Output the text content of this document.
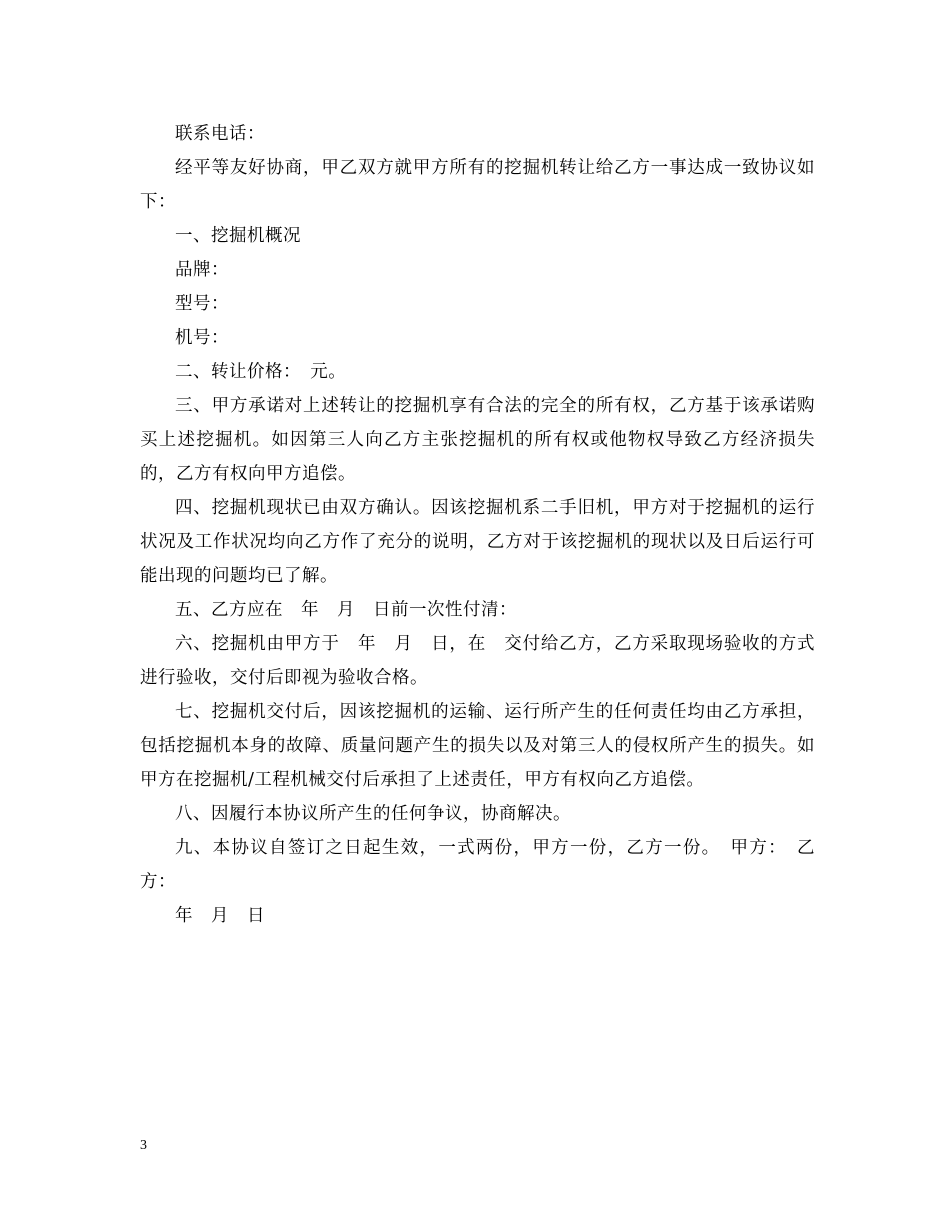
联系电话：

经平等友好协商，甲乙双方就甲方所有的挖掘机转让给乙方一事达成一致协议如下：

一、挖掘机概况

品牌：

型号：

机号：

二、转让价格：　元。

三、甲方承诺对上述转让的挖掘机享有合法的完全的所有权，乙方基于该承诺购买上述挖掘机。如因第三人向乙方主张挖掘机的所有权或他物权导致乙方经济损失的，乙方有权向甲方追偿。

四、挖掘机现状已由双方确认。因该挖掘机系二手旧机，甲方对于挖掘机的运行状况及工作状况均向乙方作了充分的说明，乙方对于该挖掘机的现状以及日后运行可能出现的问题均已了解。

五、乙方应在　年　月　日前一次性付清：

六、挖掘机由甲方于　年　月　日，在　交付给乙方，乙方采取现场验收的方式进行验收，交付后即视为验收合格。

七、挖掘机交付后，因该挖掘机的运输、运行所产生的任何责任均由乙方承担，包括挖掘机本身的故障、质量问题产生的损失以及对第三人的侵权所产生的损失。如甲方在挖掘机/工程机械交付后承担了上述责任，甲方有权向乙方追偿。

八、因履行本协议所产生的任何争议，协商解决。

九、本协议自签订之日起生效，一式两份，甲方一份，乙方一份。　甲方：　乙方：

年　月　日

3
